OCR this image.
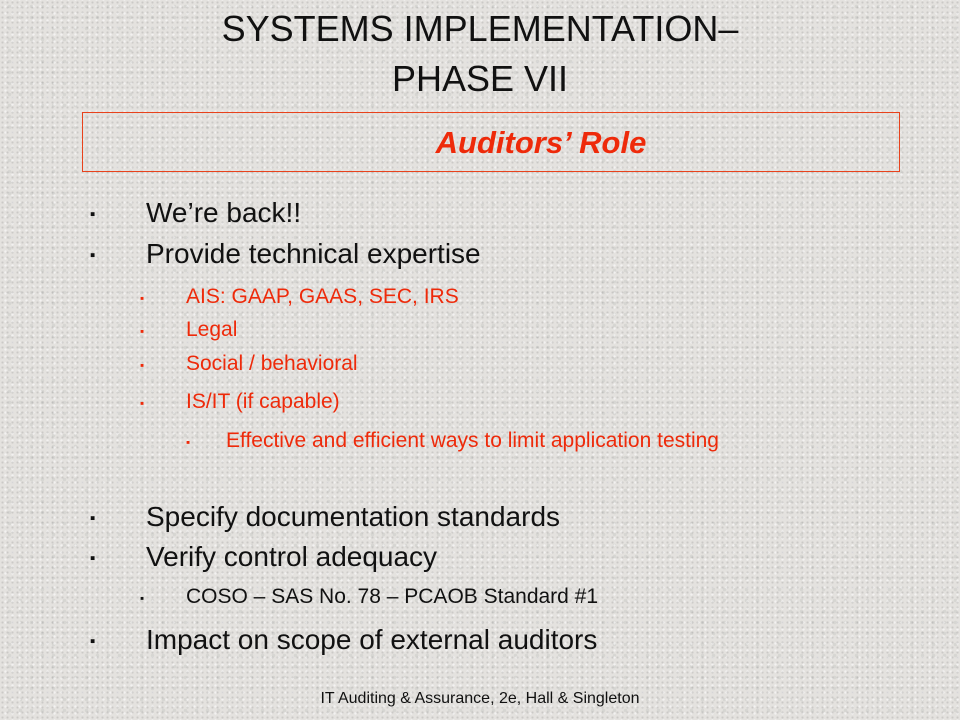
SYSTEMS IMPLEMENTATION–
PHASE VII
Auditors’ Role
▪ We’re back!!
▪ Provide technical expertise
▪ AIS: GAAP, GAAS, SEC, IRS
▪ Legal
▪ Social / behavioral
▪ IS/IT (if capable)
▪ Effective and efficient ways to limit application testing
▪ Specify documentation standards
▪ Verify control adequacy
▪ COSO – SAS No. 78 – PCAOB Standard #1
▪ Impact on scope of external auditors
IT Auditing & Assurance, 2e, Hall & Singleton
